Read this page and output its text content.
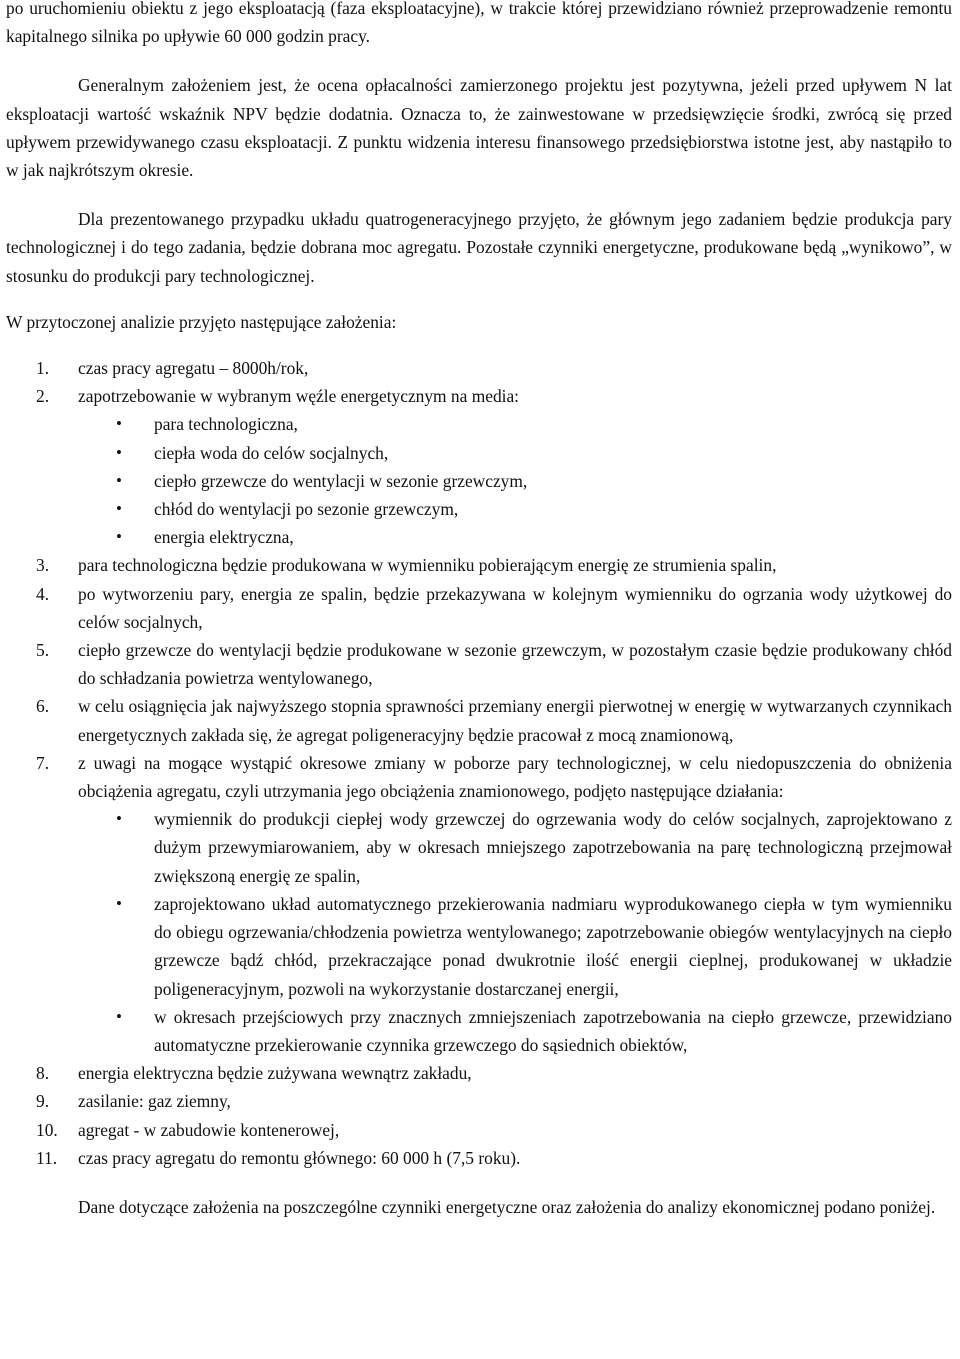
po uruchomieniu obiektu z jego eksploatacją (faza eksploatacyjne), w trakcie której przewidziano również przeprowadzenie remontu kapitalnego silnika po upływie 60 000 godzin pracy.

Generalnym założeniem jest, że ocena opłacalności zamierzonego projektu jest pozytywna, jeżeli przed upływem N lat eksploatacji wartość wskaźnik NPV będzie dodatnia. Oznacza to, że zainwestowane w przedsięwzięcie środki, zwrócą się przed upływem przewidywanego czasu eksploatacji. Z punktu widzenia interesu finansowego przedsiębiorstwa istotne jest, aby nastąpiło to w jak najkrótszym okresie.

Dla prezentowanego przypadku układu quatrogeneracyjnego przyjęto, że głównym jego zadaniem będzie produkcja pary technologicznej i do tego zadania, będzie dobrana moc agregatu. Pozostałe czynniki energetyczne, produkowane będą „wynikowo”, w stosunku do produkcji pary technologicznej.

W przytoczonej analizie przyjęto następujące założenia:

1. czas pracy agregatu – 8000h/rok,
2. zapotrzebowanie w wybranym węźle energetycznym na media:
• para technologiczna,
• ciepła woda do celów socjalnych,
• ciepło grzewcze do wentylacji w sezonie grzewczym,
• chłód do wentylacji po sezonie grzewczym,
• energia elektryczna,
3. para technologiczna będzie produkowana w wymienniku pobierającym energię ze strumienia spalin,
4. po wytworzeniu pary, energia ze spalin, będzie przekazywana w kolejnym wymienniku do ogrzania wody użytkowej do celów socjalnych,
5. ciepło grzewcze do wentylacji będzie produkowane w sezonie grzewczym, w pozostałym czasie będzie produkowany chłód do schładzania powietrza wentylowanego,
6. w celu osiągnięcia jak najwyższego stopnia sprawności przemiany energii pierwotnej w energię w wytwarzanych czynnikach energetycznych zakłada się, że agregat poligeneracyjny będzie pracował z mocą znamionową,
7. z uwagi na mogące wystąpić okresowe zmiany w poborze pary technologicznej, w celu niedopuszczenia do obniżenia obciążenia agregatu, czyli utrzymania jego obciążenia znamionowego, podjęto następujące działania:
• wymiennik do produkcji ciepłej wody grzewczej do ogrzewania wody do celów socjalnych, zaprojektowano z dużym przewymiarowaniem, aby w okresach mniejszego zapotrzebowania na parę technologiczną przejmował zwiększoną energię ze spalin,
• zaprojektowano układ automatycznego przekierowania nadmiaru wyprodukowanego ciepła w tym wymienniku do obiegu ogrzewania/chłodzenia powietrza wentylowanego; zapotrzebowanie obiegów wentylacyjnych na ciepło grzewcze bądź chłód, przekraczające ponad dwukrotnie ilość energii cieplnej, produkowanej w układzie poligeneracyjnym, pozwoli na wykorzystanie dostarczanej energii,
• w okresach przejściowych przy znacznych zmniejszeniach zapotrzebowania na ciepło grzewcze, przewidziano automatyczne przekierowanie czynnika grzewczego do sąsiednich obiektów,
8. energia elektryczna będzie zużywana wewnątrz zakładu,
9. zasilanie: gaz ziemny,
10. agregat - w zabudowie kontenerowej,
11. czas pracy agregatu do remontu głównego: 60 000 h (7,5 roku).

Dane dotyczące założenia na poszczególne czynniki energetyczne oraz założenia do analizy ekonomicznej podano poniżej.
